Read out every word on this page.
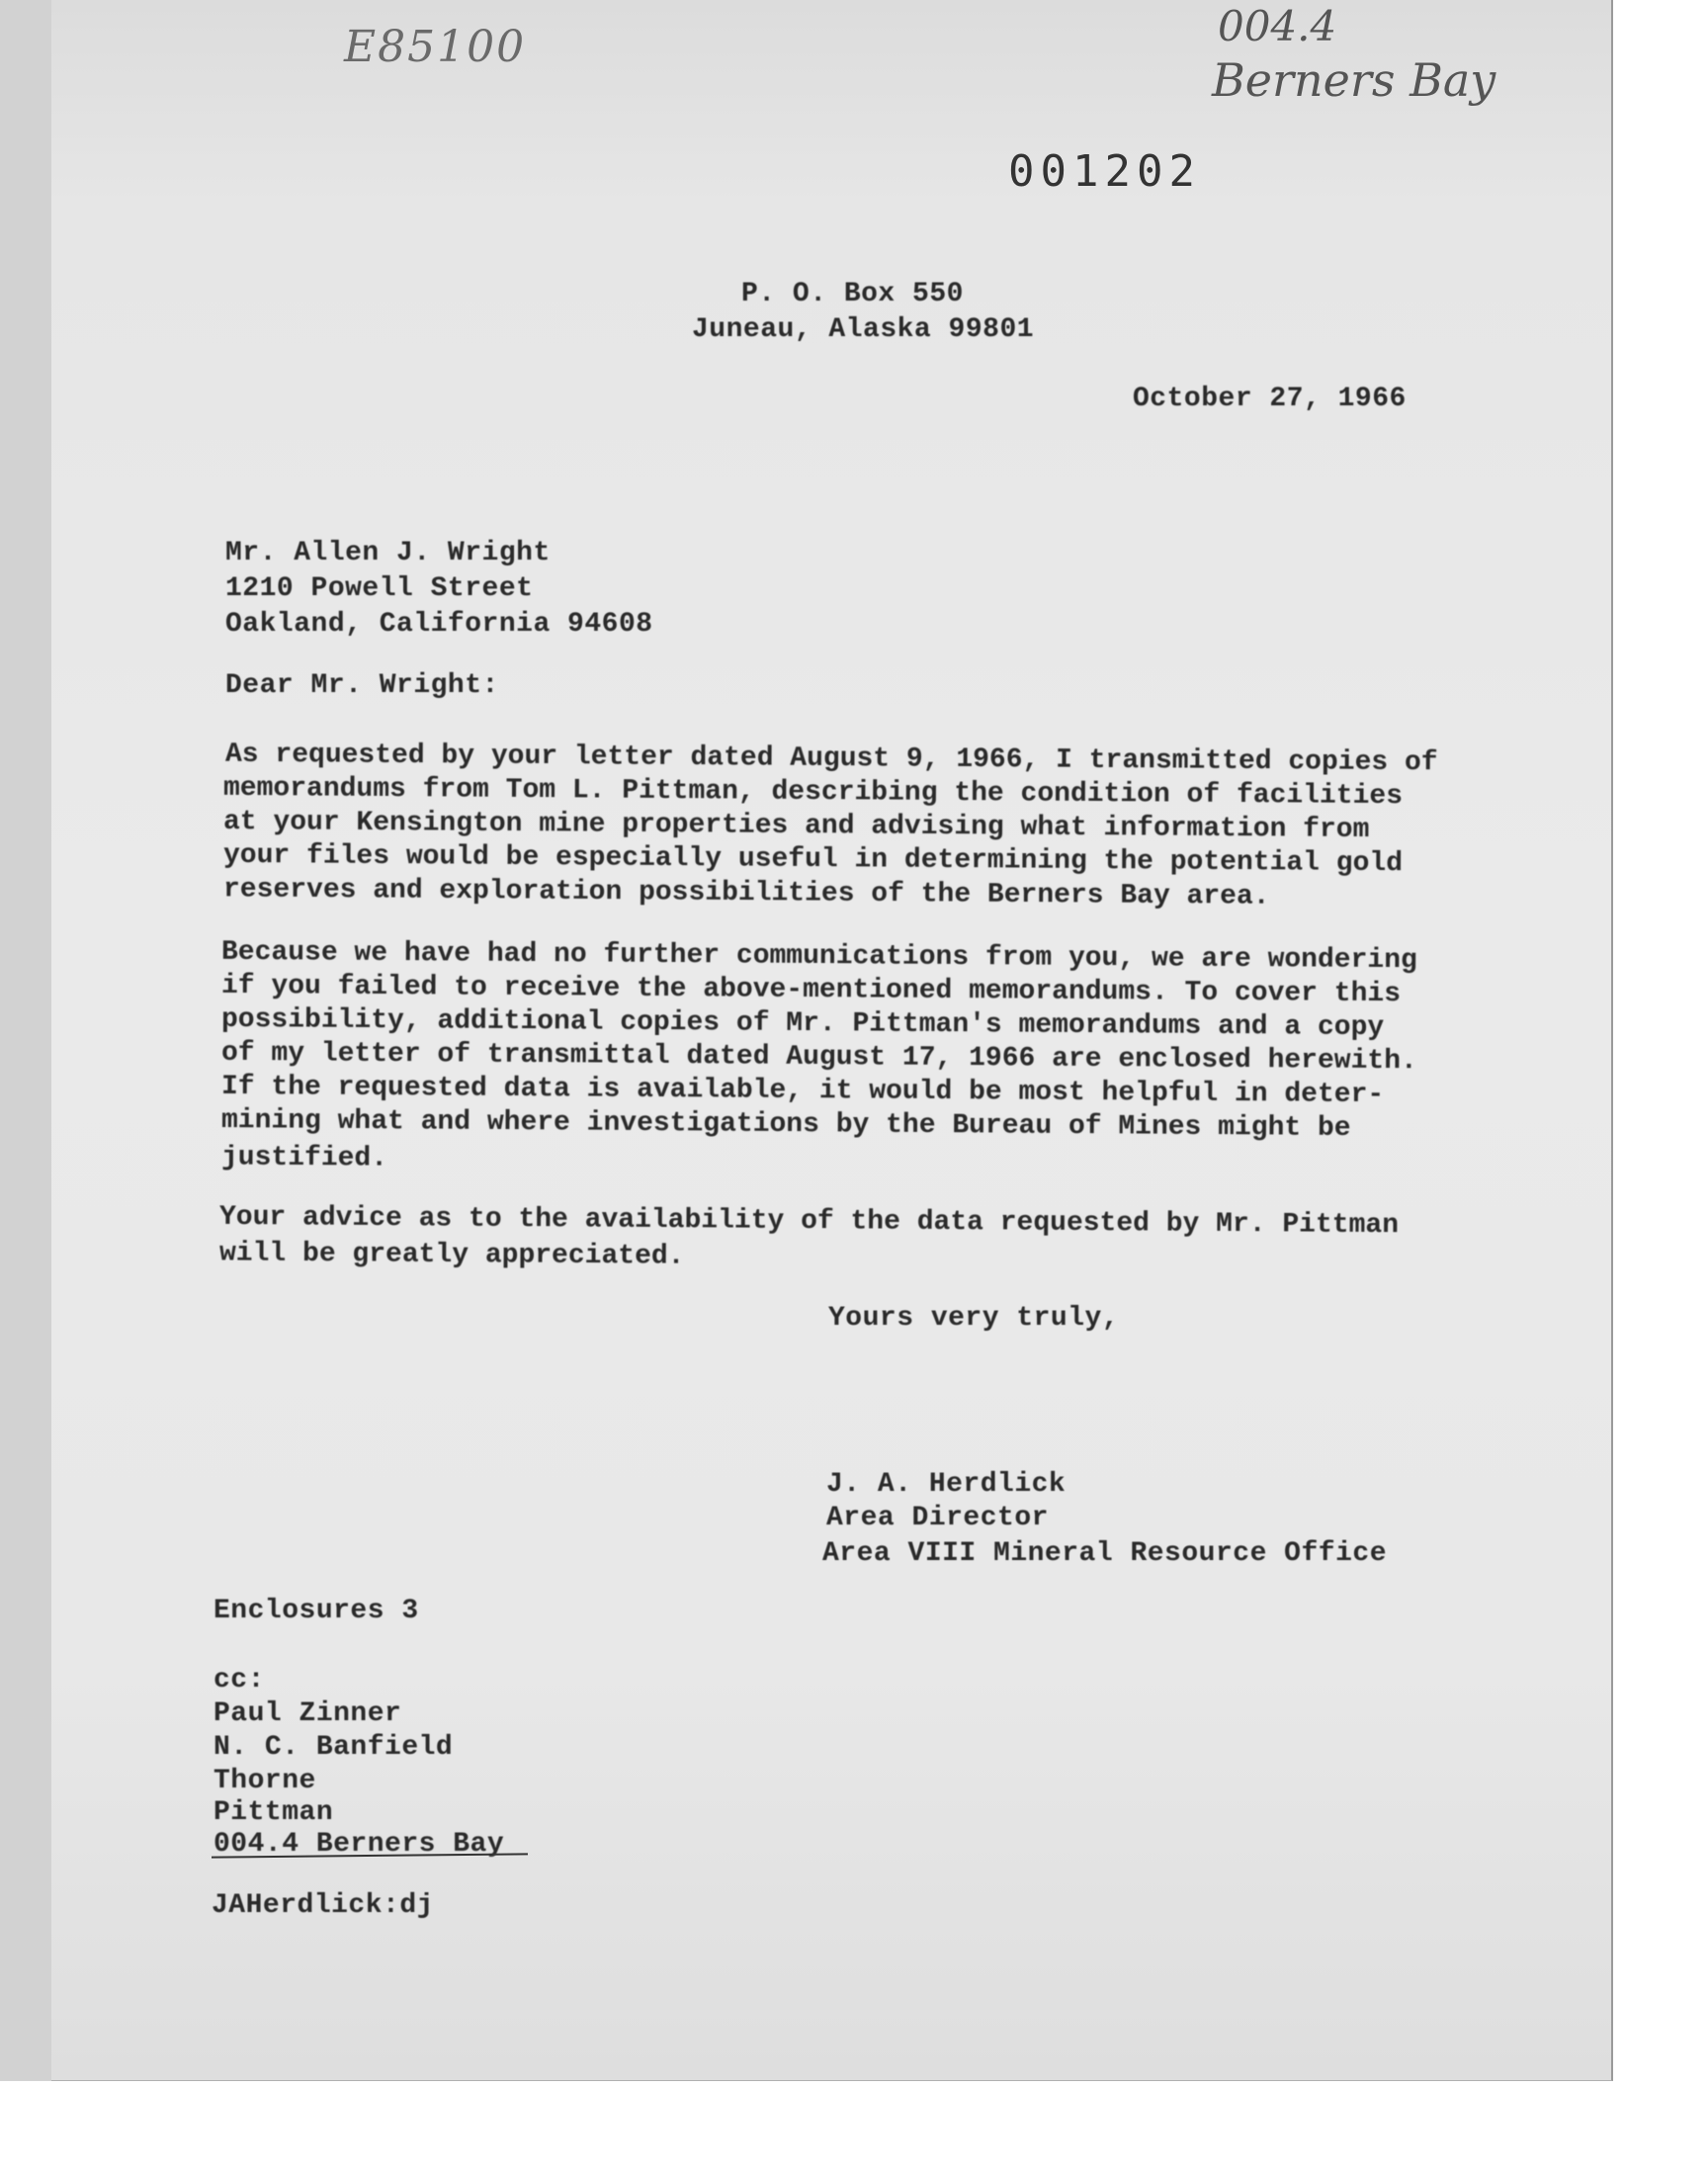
E85100	004.4
Berners Bay
001202
P. O. Box 550
Juneau, Alaska 99801
October 27, 1966
Mr. Allen J. Wright
1210 Powell Street
Oakland, California 94608
Dear Mr. Wright:
As requested by your letter dated August 9, 1966, I transmitted copies of
memorandums from Tom L. Pittman, describing the condition of facilities
at your Kensington mine properties and advising what information from
your files would be especially useful in determining the potential gold
reserves and exploration possibilities of the Berners Bay area.
Because we have had no further communications from you, we are wondering
if you failed to receive the above-mentioned memorandums. To cover this
possibility, additional copies of Mr. Pittman's memorandums and a copy
of my letter of transmittal dated August 17, 1966 are enclosed herewith.
If the requested data is available, it would be most helpful in deter-
mining what and where investigations by the Bureau of Mines might be
justified.
Your advice as to the availability of the data requested by Mr. Pittman
will be greatly appreciated.
Yours very truly,
J. A. Herdlick
Area Director
Area VIII Mineral Resource Office
Enclosures 3
cc:
Paul Zinner
N. C. Banfield
Thorne
Pittman
004.4 Berners Bay
JAHerdlick:dj
